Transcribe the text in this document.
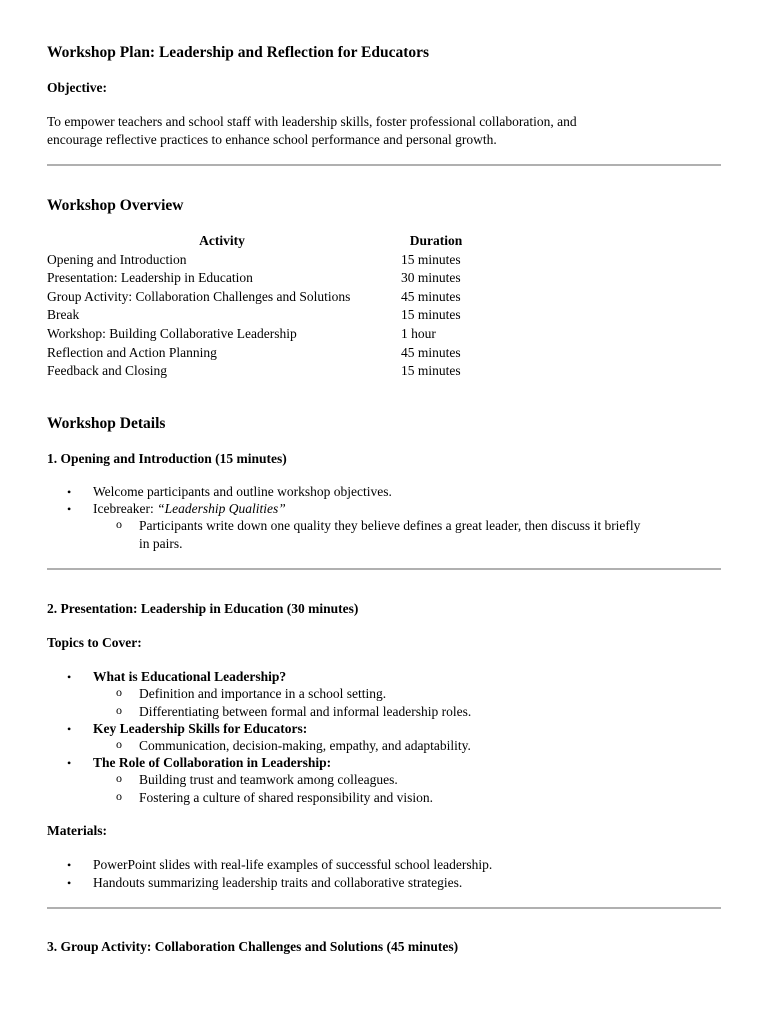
Workshop Plan: Leadership and Reflection for Educators
Objective:
To empower teachers and school staff with leadership skills, foster professional collaboration, and
encourage reflective practices to enhance school performance and personal growth.
Workshop Overview
Activity	Duration
Opening and Introduction	15 minutes
Presentation: Leadership in Education	30 minutes
Group Activity: Collaboration Challenges and Solutions	45 minutes
Break	15 minutes
Workshop: Building Collaborative Leadership	1 hour
Reflection and Action Planning	45 minutes
Feedback and Closing	15 minutes
Workshop Details
1. Opening and Introduction (15 minutes)
• Welcome participants and outline workshop objectives.
• Icebreaker: “Leadership Qualities”
o Participants write down one quality they believe defines a great leader, then discuss it briefly
in pairs.
2. Presentation: Leadership in Education (30 minutes)
Topics to Cover:
• What is Educational Leadership?
o Definition and importance in a school setting.
o Differentiating between formal and informal leadership roles.
• Key Leadership Skills for Educators:
o Communication, decision-making, empathy, and adaptability.
• The Role of Collaboration in Leadership:
o Building trust and teamwork among colleagues.
o Fostering a culture of shared responsibility and vision.
Materials:
• PowerPoint slides with real-life examples of successful school leadership.
• Handouts summarizing leadership traits and collaborative strategies.
3. Group Activity: Collaboration Challenges and Solutions (45 minutes)
